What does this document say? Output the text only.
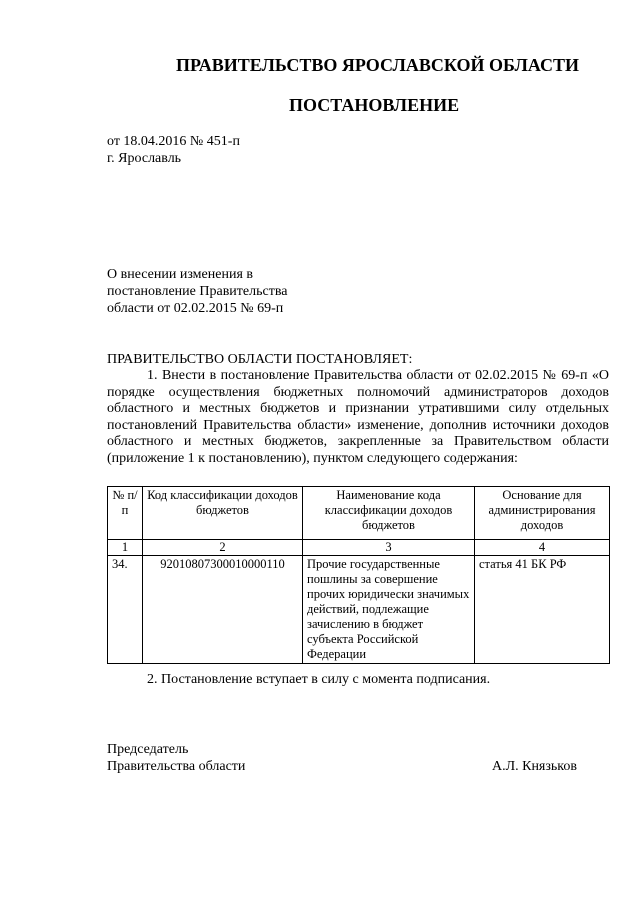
ПРАВИТЕЛЬСТВО ЯРОСЛАВСКОЙ ОБЛАСТИ
ПОСТАНОВЛЕНИЕ
от 18.04.2016 № 451-п
г. Ярославль
О внесении изменения в
постановление Правительства
области от 02.02.2015 № 69-п
ПРАВИТЕЛЬСТВО ОБЛАСТИ ПОСТАНОВЛЯЕТ:
1. Внести в постановление Правительства области от 02.02.2015 № 69-п «О порядке осуществления бюджетных полномочий администраторов доходов областного и местных бюджетов и признании утратившими силу отдельных постановлений Правительства области» изменение, дополнив источники доходов областного и местных бюджетов, закрепленные за Правительством области (приложение 1 к постановлению), пунктом следующего содержания:
№ п/п	Код классификации доходов бюджетов	Наименование кода классификации доходов бюджетов	Основание для администрирования доходов
1	2	3	4
34.	92010807300010000110	Прочие государственные пошлины за совершение прочих юридически значимых действий, подлежащие зачислению в бюджет субъекта Российской Федерации	статья 41 БК РФ
2. Постановление вступает в силу с момента подписания.
Председатель
Правительства области	А.Л. Князьков
